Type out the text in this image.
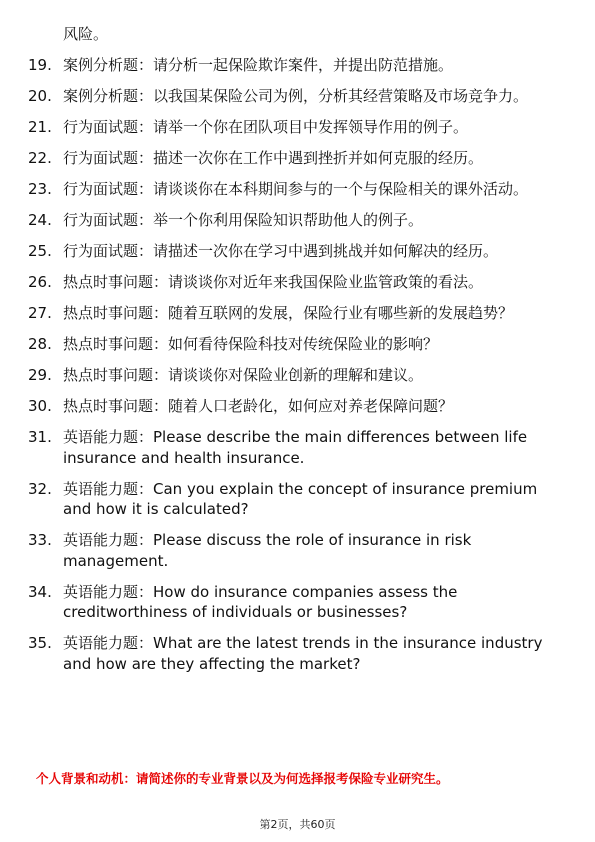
风险。

19. 案例分析题：请分析一起保险欺诈案件，并提出防范措施。
20. 案例分析题：以我国某保险公司为例，分析其经营策略及市场竞争力。
21. 行为面试题：请举一个你在团队项目中发挥领导作用的例子。
22. 行为面试题：描述一次你在工作中遇到挫折并如何克服的经历。
23. 行为面试题：请谈谈你在本科期间参与的一个与保险相关的课外活动。
24. 行为面试题：举一个你利用保险知识帮助他人的例子。
25. 行为面试题：请描述一次你在学习中遇到挑战并如何解决的经历。
26. 热点时事问题：请谈谈你对近年来我国保险业监管政策的看法。
27. 热点时事问题：随着互联网的发展，保险行业有哪些新的发展趋势？
28. 热点时事问题：如何看待保险科技对传统保险业的影响？
29. 热点时事问题：请谈谈你对保险业创新的理解和建议。
30. 热点时事问题：随着人口老龄化，如何应对养老保障问题？
31. 英语能力题：Please describe the main differences between life insurance and health insurance.
32. 英语能力题：Can you explain the concept of insurance premium and how it is calculated?
33. 英语能力题：Please discuss the role of insurance in risk management.
34. 英语能力题：How do insurance companies assess the creditworthiness of individuals or businesses?
35. 英语能力题：What are the latest trends in the insurance industry and how are they affecting the market?

个人背景和动机：请简述你的专业背景以及为何选择报考保险专业研究生。

第2页，共60页
